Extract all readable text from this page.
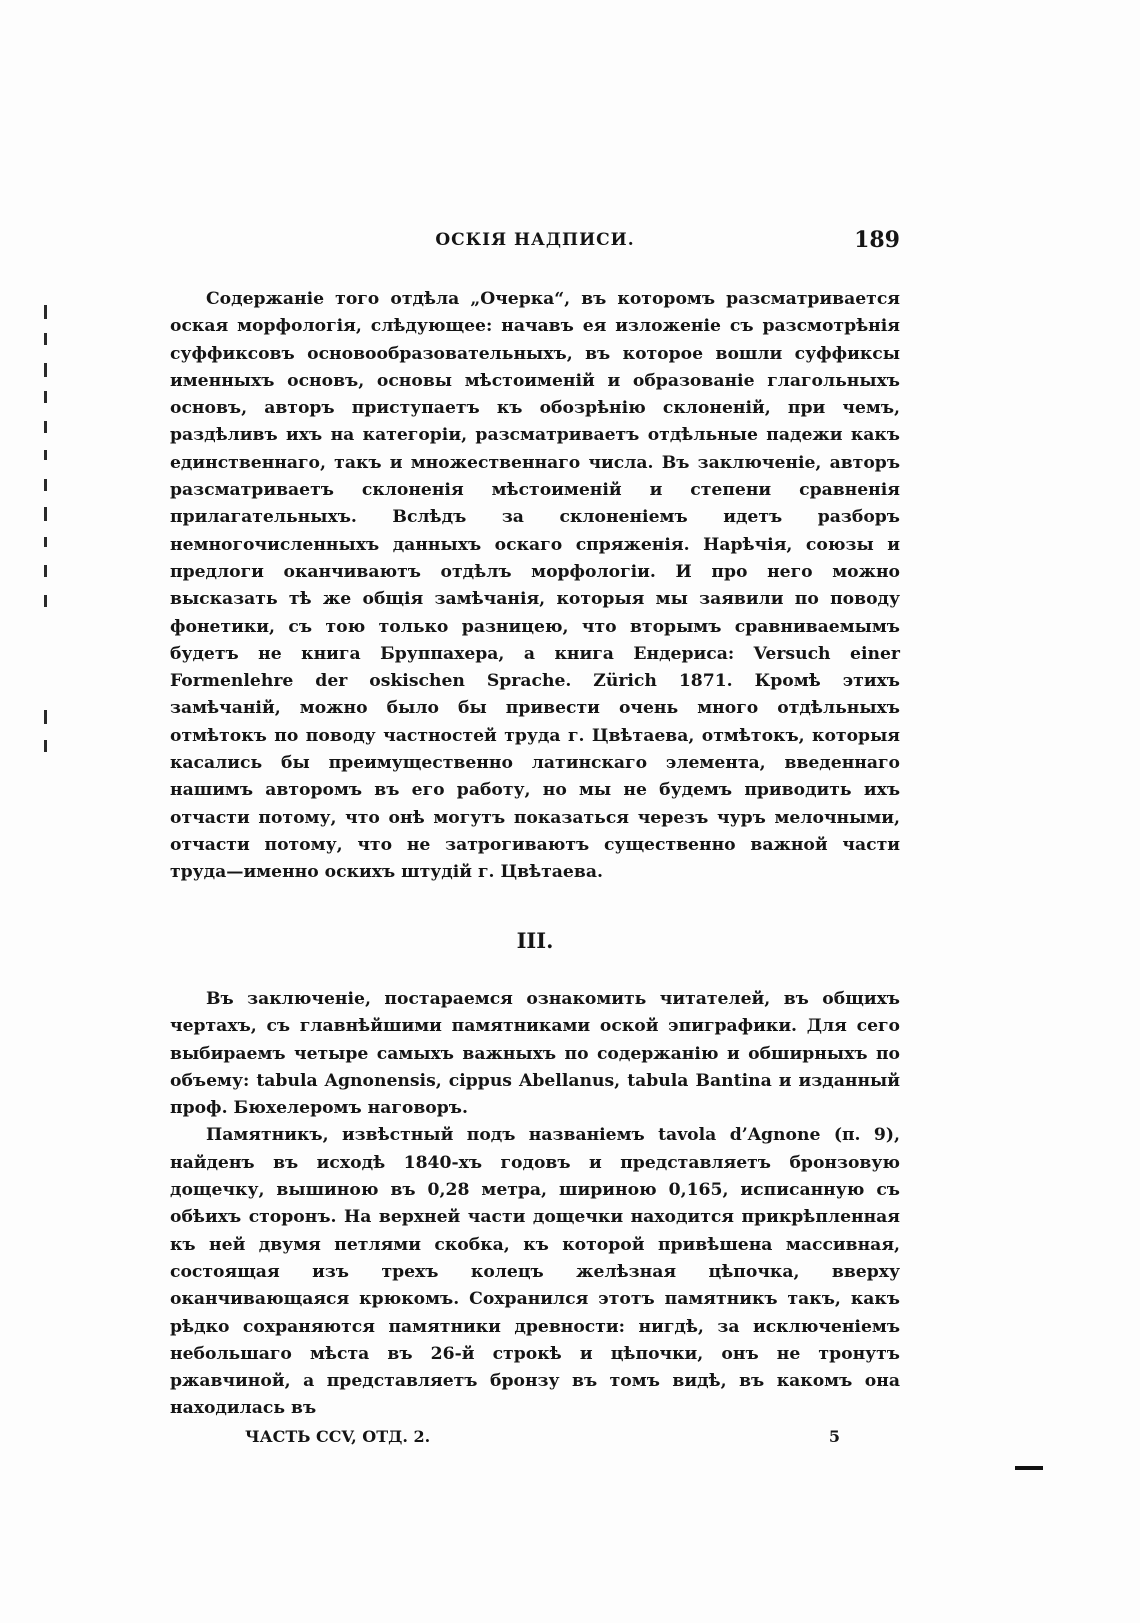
ОСКІЯ НАДПИСИ.	189

Содержаніе того отдѣла „Очерка“, въ которомъ разсматривается оская морфологія, слѣдующее: начавъ ея изложеніе съ разсмотрѣнія суффиксовъ основообразовательныхъ, въ которое вошли суффиксы именныхъ основъ, основы мѣстоименій и образованіе глагольныхъ основъ, авторъ приступаетъ къ обозрѣнію склоненій, при чемъ, раздѣливъ ихъ на категоріи, разсматриваетъ отдѣльные падежи какъ единственнаго, такъ и множественнаго числа. Въ заключеніе, авторъ разсматриваетъ склоненія мѣстоименій и степени сравненія прилагательныхъ. Вслѣдъ за склоненіемъ идетъ разборъ немногочисленныхъ данныхъ оскаго спряженія. Нарѣчія, союзы и предлоги оканчиваютъ отдѣлъ морфологіи. И про него можно высказать тѣ же общія замѣчанія, которыя мы заявили по поводу фонетики, съ тою только разницею, что вторымъ сравниваемымъ будетъ не книга Бруппахера, а книга Ендериса: Versuch einer Formenlehre der oskischen Sprache. Zürich 1871. Кромѣ этихъ замѣчаній, можно было бы привести очень много отдѣльныхъ отмѣтокъ по поводу частностей труда г. Цвѣтаева, отмѣтокъ, которыя касались бы преимущественно латинскаго элемента, введеннаго нашимъ авторомъ въ его работу, но мы не будемъ приводить ихъ отчасти потому, что онѣ могутъ показаться черезъ чуръ мелочными, отчасти потому, что не затрогиваютъ существенно важной части труда—именно оскихъ штудій г. Цвѣтаева.

III.

Въ заключеніе, постараемся ознакомить читателей, въ общихъ чертахъ, съ главнѣйшими памятниками оской эпиграфики. Для сего выбираемъ четыре самыхъ важныхъ по содержанію и обширныхъ по объему: tabula Agnonensis, cippus Abellanus, tabula Bantina и изданный проф. Бюхелеромъ наговоръ.

Памятникъ, извѣстный подъ названіемъ tavola d’Agnone (п. 9), найденъ въ исходѣ 1840-хъ годовъ и представляетъ бронзовую дощечку, вышиною въ 0,28 метра, шириною 0,165, исписанную съ обѣихъ сторонъ. На верхней части дощечки находится прикрѣпленная къ ней двумя петлями скобка, къ которой привѣшена массивная, состоящая изъ трехъ колецъ желѣзная цѣпочка, вверху оканчивающаяся крюкомъ. Сохранился этотъ памятникъ такъ, какъ рѣдко сохраняются памятники древности: нигдѣ, за исключеніемъ небольшаго мѣста въ 26-й строкѣ и цѣпочки, онъ не тронутъ ржавчиной, а представляетъ бронзу въ томъ видѣ, въ какомъ она находилась въ

ЧАСТЬ CCV, ОТД. 2.	5
